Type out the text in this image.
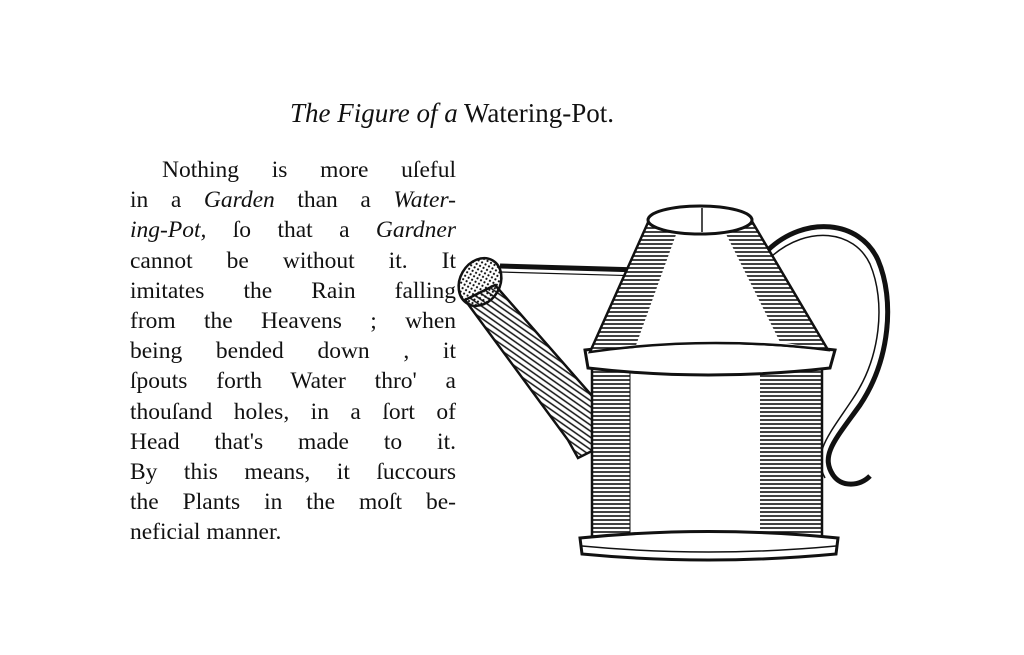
The Figure of a Watering-Pot.
Nothing is more uſeful
in a Garden than a Water-
ing-Pot, ſo that a Gardner
cannot be without it. It
imitates the Rain falling
from the Heavens ; when
being bended down , it
ſpouts forth Water thro' a
thouſand holes, in a ſort of
Head that's made to it.
By this means, it ſuccours
the Plants in the moſt be-
neficial manner.
